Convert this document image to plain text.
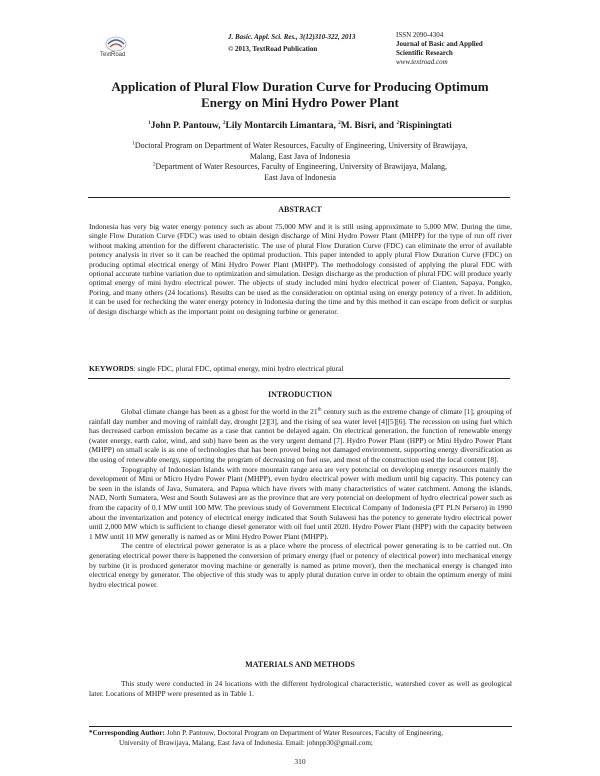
TextRoad
J. Basic. Appl. Sci. Res., 3(12)310-322, 2013
© 2013, TextRoad Publication
ISSN 2090-4304
Journal of Basic and Applied
Scientific Research
www.textroad.com
Application of Plural Flow Duration Curve for Producing Optimum
Energy on Mini Hydro Power Plant
$^1$John P. Pantouw, $^2$Lily Montarcih Limantara, $^2$M. Bisri, and $^2$Rispiningtati
$^1$Doctoral Program on Department of Water Resources, Faculty of Engineering, University of Brawijaya,
Malang, East Java of Indonesia
$^2$Department of Water Resources, Faculty of Engineering, University of Brawijaya, Malang,
East Java of Indonesia
ABSTRACT
Indonesia has very big water energy potency such as about 75,000 MW and it is still using approximate to 5,000 MW. During the time, single Flow Duration Curve (FDC) was used to obtain design discharge of Mini Hydro Power Plant (MHPP) for the type of run off river without making attention for the different characteristic. The use of plural Flow Duration Curve (FDC) can eliminate the error of available potency analysis in river so it can be reached the optimal production. This paper intended to apply plural Flow Duration Curve (FDC) on producing optimal electrical energy of Mini Hydro Power Plant (MHPP). The methodology consisted of applying the plural FDC with optional accurate turbine variation due to optimization and simulation. Design discharge as the production of plural FDC will produce yearly optimal energy of mini hydro electrical power. The objects of study included mini hydro electrical power of Cianten, Sapaya, Pongko, Poring, and many others (24 locations). Results can be used as the consideration on optimal using on energy potency of a river. In addition, it can be used for rechecking the water energy potency in Indonesia during the time and by this method it can escape from deficit or surplus of design discharge which as the important point on designing turbine or generator.
KEYWORDS: single FDC, plural FDC, optimal energy, mini hydro electrical plural
INTRODUCTION

Global climate change has been as a ghost for the world in the 21th century such as the extreme change of climate [1], grouping of rainfall day number and moving of rainfall day, drought [2][3], and the rising of sea water level [4][5][6]. The recession on using fuel which has decreased carbon emission became as a case that cannot be delayed again. On electrical generation, the function of renewable energy (water energy, earth calor, wind, and sub) have been as the very urgent demand [7]. Hydro Power Plant (HPP) or Mini Hydro Power Plant (MHPP) on small scale is as one of technologies that has been proved being not damaged environment, supporting energy diversification as the using of renewable energy, supporting the program of decreasing on fuel use, and most of the construction used the local content [8].

Topography of Indonesian Islands with more mountain range area are very potencial on developing energy resources mainly the development of Mini or Micro Hydro Power Plant (MHPP), even hydro electrical power with medium until big capacity. This potency can be seen in the islands of Java, Sumatera, and Papua which have rivers with many characteristics of water catchment. Among the islands, NAD, North Sumatera, West and South Sulawesi are as the province that are very potencial on deelopment of hydro electrical power such as from the capacity of 0.1 MW until 100 MW. The previous study of Government Electrical Company of Indonesia (PT PLN Persero) in 1990 about the inventarization and potency of electrical energy indicated that South Sulawesi has the potency to generate hydro electrical power until 2,000 MW which is sufficient to change diesel generator with oil fuel until 2020. Hydro Power Plant (HPP) with the capacity between 1 MW until 10 MW generally is named as or Mini Hydro Power Plant (MHPP).

The centre of electrical power generator is as a place where the process of electrical power generating is to be carried out. On generating electrical power there is happened the conversion of primary energy (fuel or potency of electrical power) into mechanical energy by turbine (it is produced generator moving machine or generally is named as prime mover), then the mechanical energy is changed into electrical energy by generator. The objective of this study was to apply plural duration curve in order to obtain the optimum energy of mini hydro electrical power.

MATERIALS AND METHODS

This study were conducted in 24 locations with the different hydrological characteristic, watershed cover as well as geological later. Locations of MHPP were presented as in Table 1.

*Corresponding Author: John P. Pantouw, Doctoral Program on Department of Water Resources, Faculty of Engineering,
University of Brawijaya, Malang, East Java of Indonesia. Email: johnpp30@gmail.com;
310
